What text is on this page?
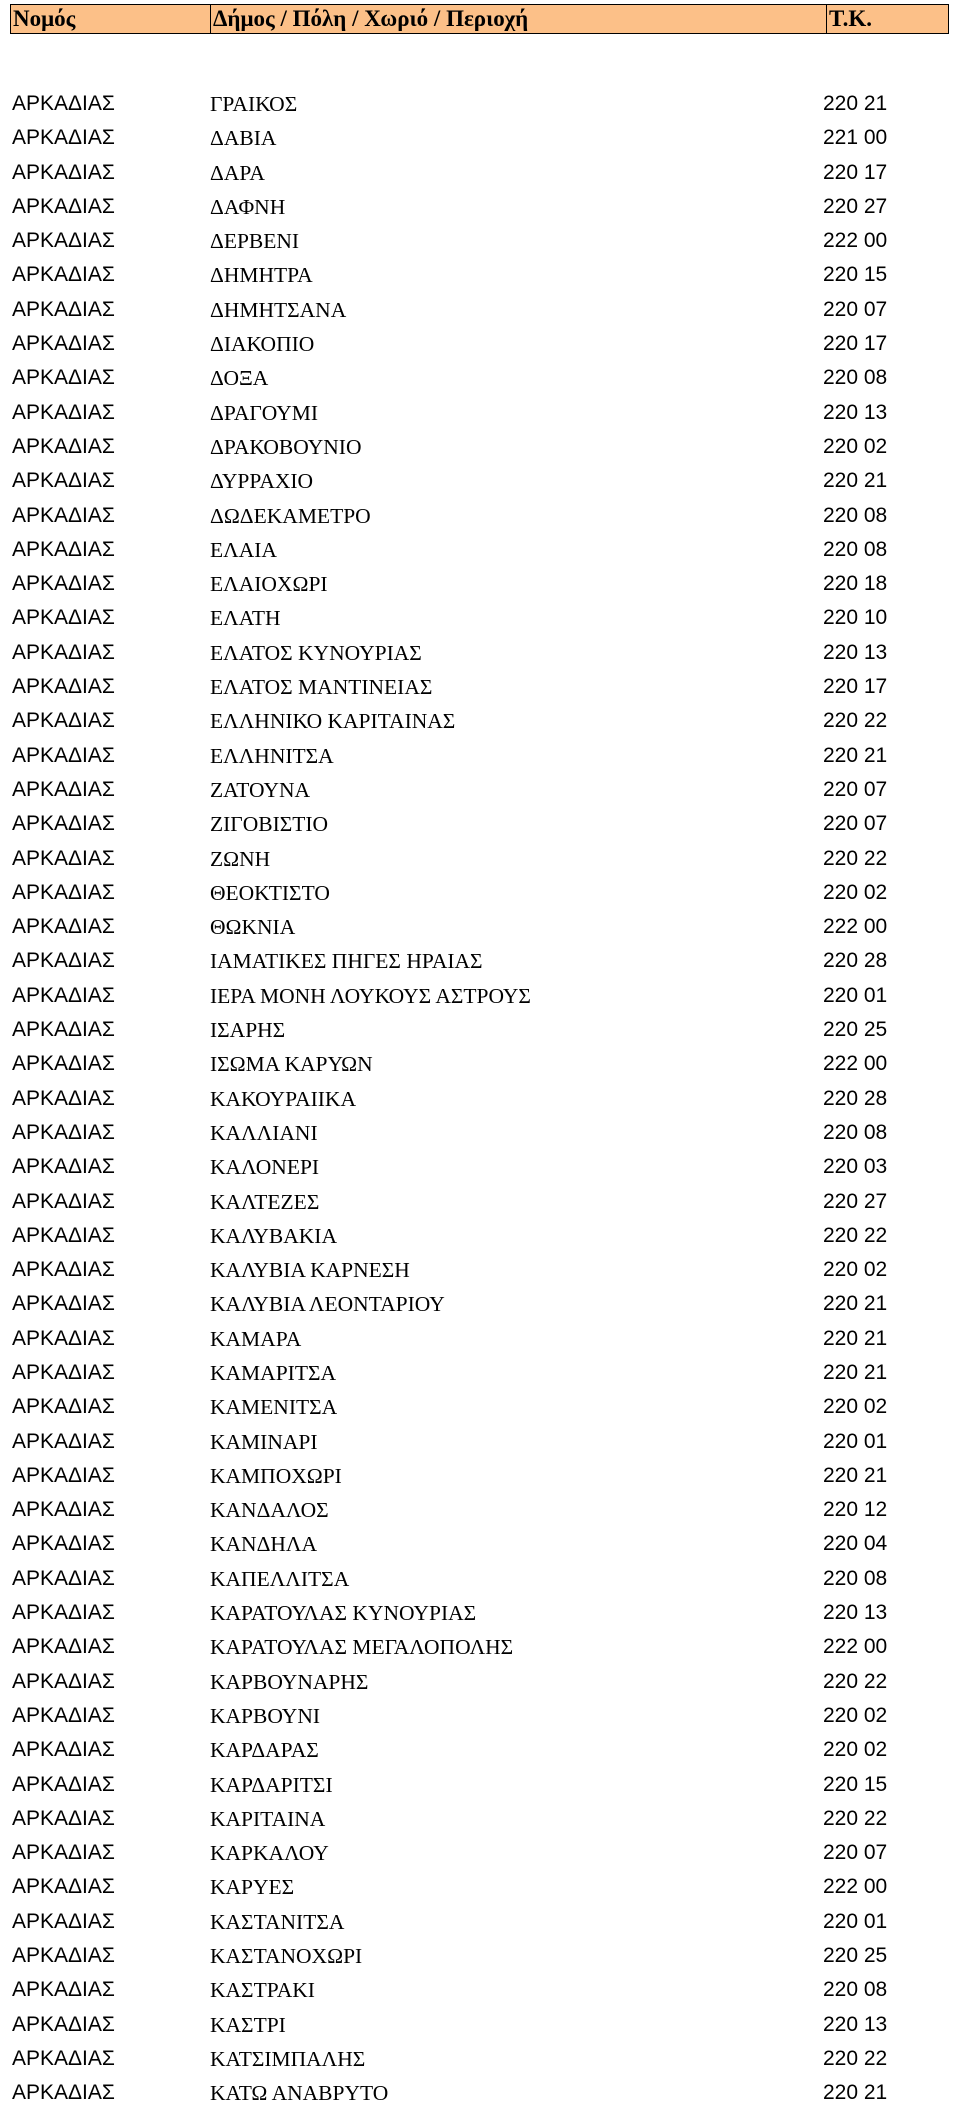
Νομός	Δήμος / Πόλη / Χωριό / Περιοχή	Τ.Κ.
ΑΡΚΑΔΙΑΣ	ΓΡΑΙΚΟΣ	220 21
ΑΡΚΑΔΙΑΣ	ΔΑΒΙΑ	221 00
ΑΡΚΑΔΙΑΣ	ΔΑΡΑ	220 17
ΑΡΚΑΔΙΑΣ	ΔΑΦΝΗ	220 27
ΑΡΚΑΔΙΑΣ	ΔΕΡΒΕΝΙ	222 00
ΑΡΚΑΔΙΑΣ	ΔΗΜΗΤΡΑ	220 15
ΑΡΚΑΔΙΑΣ	ΔΗΜΗΤΣΑΝΑ	220 07
ΑΡΚΑΔΙΑΣ	ΔΙΑΚΟΠΙΟ	220 17
ΑΡΚΑΔΙΑΣ	ΔΟΞΑ	220 08
ΑΡΚΑΔΙΑΣ	ΔΡΑΓΟΥΜΙ	220 13
ΑΡΚΑΔΙΑΣ	ΔΡΑΚΟΒΟΥΝΙΟ	220 02
ΑΡΚΑΔΙΑΣ	ΔΥΡΡΑΧΙΟ	220 21
ΑΡΚΑΔΙΑΣ	ΔΩΔΕΚΑΜΕΤΡΟ	220 08
ΑΡΚΑΔΙΑΣ	ΕΛΑΙΑ	220 08
ΑΡΚΑΔΙΑΣ	ΕΛΑΙΟΧΩΡΙ	220 18
ΑΡΚΑΔΙΑΣ	ΕΛΑΤΗ	220 10
ΑΡΚΑΔΙΑΣ	ΕΛΑΤΟΣ ΚΥΝΟΥΡΙΑΣ	220 13
ΑΡΚΑΔΙΑΣ	ΕΛΑΤΟΣ ΜΑΝΤΙΝΕΙΑΣ	220 17
ΑΡΚΑΔΙΑΣ	ΕΛΛΗΝΙΚΟ ΚΑΡΙΤΑΙΝΑΣ	220 22
ΑΡΚΑΔΙΑΣ	ΕΛΛΗΝΙΤΣΑ	220 21
ΑΡΚΑΔΙΑΣ	ΖΑΤΟΥΝΑ	220 07
ΑΡΚΑΔΙΑΣ	ΖΙΓΟΒΙΣΤΙΟ	220 07
ΑΡΚΑΔΙΑΣ	ΖΩΝΗ	220 22
ΑΡΚΑΔΙΑΣ	ΘΕΟΚΤΙΣΤΟ	220 02
ΑΡΚΑΔΙΑΣ	ΘΩΚΝΙΑ	222 00
ΑΡΚΑΔΙΑΣ	ΙΑΜΑΤΙΚΕΣ ΠΗΓΕΣ ΗΡΑΙΑΣ	220 28
ΑΡΚΑΔΙΑΣ	ΙΕΡΑ ΜΟΝΗ ΛΟΥΚΟΥΣ ΑΣΤΡΟΥΣ	220 01
ΑΡΚΑΔΙΑΣ	ΙΣΑΡΗΣ	220 25
ΑΡΚΑΔΙΑΣ	ΙΣΩΜΑ ΚΑΡΥΩΝ	222 00
ΑΡΚΑΔΙΑΣ	ΚΑΚΟΥΡΑΙΙΚΑ	220 28
ΑΡΚΑΔΙΑΣ	ΚΑΛΛΙΑΝΙ	220 08
ΑΡΚΑΔΙΑΣ	ΚΑΛΟΝΕΡΙ	220 03
ΑΡΚΑΔΙΑΣ	ΚΑΛΤΕΖΕΣ	220 27
ΑΡΚΑΔΙΑΣ	ΚΑΛΥΒΑΚΙΑ	220 22
ΑΡΚΑΔΙΑΣ	ΚΑΛΥΒΙΑ ΚΑΡΝΕΣΗ	220 02
ΑΡΚΑΔΙΑΣ	ΚΑΛΥΒΙΑ ΛΕΟΝΤΑΡΙΟΥ	220 21
ΑΡΚΑΔΙΑΣ	ΚΑΜΑΡΑ	220 21
ΑΡΚΑΔΙΑΣ	ΚΑΜΑΡΙΤΣΑ	220 21
ΑΡΚΑΔΙΑΣ	ΚΑΜΕΝΙΤΣΑ	220 02
ΑΡΚΑΔΙΑΣ	ΚΑΜΙΝΑΡΙ	220 01
ΑΡΚΑΔΙΑΣ	ΚΑΜΠΟΧΩΡΙ	220 21
ΑΡΚΑΔΙΑΣ	ΚΑΝΔΑΛΟΣ	220 12
ΑΡΚΑΔΙΑΣ	ΚΑΝΔΗΛΑ	220 04
ΑΡΚΑΔΙΑΣ	ΚΑΠΕΛΛΙΤΣΑ	220 08
ΑΡΚΑΔΙΑΣ	ΚΑΡΑΤΟΥΛΑΣ ΚΥΝΟΥΡΙΑΣ	220 13
ΑΡΚΑΔΙΑΣ	ΚΑΡΑΤΟΥΛΑΣ ΜΕΓΑΛΟΠΟΛΗΣ	222 00
ΑΡΚΑΔΙΑΣ	ΚΑΡΒΟΥΝΑΡΗΣ	220 22
ΑΡΚΑΔΙΑΣ	ΚΑΡΒΟΥΝΙ	220 02
ΑΡΚΑΔΙΑΣ	ΚΑΡΔΑΡΑΣ	220 02
ΑΡΚΑΔΙΑΣ	ΚΑΡΔΑΡΙΤΣΙ	220 15
ΑΡΚΑΔΙΑΣ	ΚΑΡΙΤΑΙΝΑ	220 22
ΑΡΚΑΔΙΑΣ	ΚΑΡΚΑΛΟΥ	220 07
ΑΡΚΑΔΙΑΣ	ΚΑΡΥΕΣ	222 00
ΑΡΚΑΔΙΑΣ	ΚΑΣΤΑΝΙΤΣΑ	220 01
ΑΡΚΑΔΙΑΣ	ΚΑΣΤΑΝΟΧΩΡΙ	220 25
ΑΡΚΑΔΙΑΣ	ΚΑΣΤΡΑΚΙ	220 08
ΑΡΚΑΔΙΑΣ	ΚΑΣΤΡΙ	220 13
ΑΡΚΑΔΙΑΣ	ΚΑΤΣΙΜΠΑΛΗΣ	220 22
ΑΡΚΑΔΙΑΣ	ΚΑΤΩ ΑΝΑΒΡΥΤΟ	220 21
